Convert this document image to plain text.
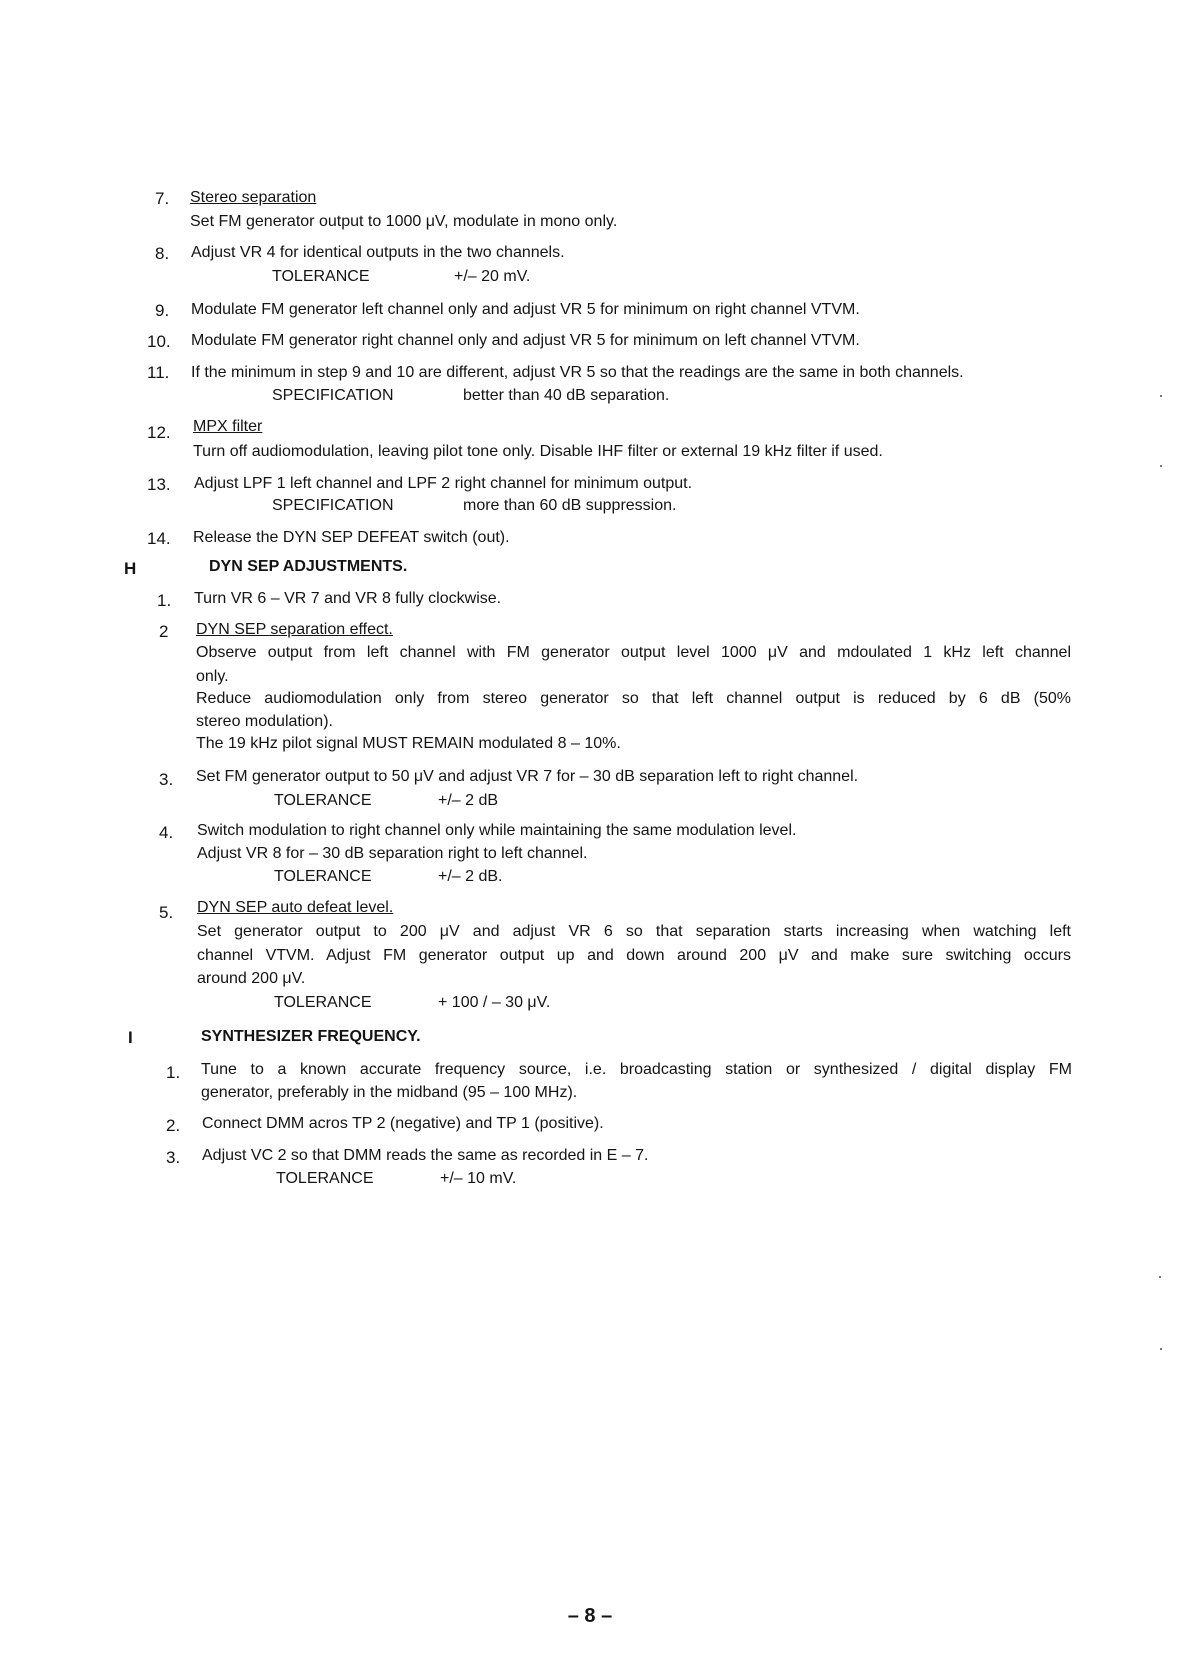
7. Stereo separation
Set FM generator output to 1000 μV, modulate in mono only.
8. Adjust VR 4 for identical outputs in the two channels.
TOLERANCE	+/– 20 mV.
9. Modulate FM generator left channel only and adjust VR 5 for minimum on right channel VTVM.
10. Modulate FM generator right channel only and adjust VR 5 for minimum on left channel VTVM.
11. If the minimum in step 9 and 10 are different, adjust VR 5 so that the readings are the same in both channels.
SPECIFICATION	better than 40 dB separation.
12. MPX filter
Turn off audiomodulation, leaving pilot tone only. Disable IHF filter or external 19 kHz filter if used.
13. Adjust LPF 1 left channel and LPF 2 right channel for minimum output.
SPECIFICATION	more than 60 dB suppression.
14. Release the DYN SEP DEFEAT switch (out).
H	DYN SEP ADJUSTMENTS.
1. Turn VR 6 – VR 7 and VR 8 fully clockwise.
2 DYN SEP separation effect.
Observe output from left channel with FM generator output level 1000 μV and mdoulated 1 kHz left channel
only.
Reduce audiomodulation only from stereo generator so that left channel output is reduced by 6 dB (50%
stereo modulation).
The 19 kHz pilot signal MUST REMAIN modulated 8 – 10%.
3. Set FM generator output to 50 μV and adjust VR 7 for – 30 dB separation left to right channel.
TOLERANCE	+/– 2 dB
4. Switch modulation to right channel only while maintaining the same modulation level.
Adjust VR 8 for – 30 dB separation right to left channel.
TOLERANCE	+/– 2 dB.
5. DYN SEP auto defeat level.
Set generator output to 200 μV and adjust VR 6 so that separation starts increasing when watching left
channel VTVM. Adjust FM generator output up and down around 200 μV and make sure switching occurs
around 200 μV.
TOLERANCE	+ 100 / – 30 μV.
I	SYNTHESIZER FREQUENCY.
1. Tune to a known accurate frequency source, i.e. broadcasting station or synthesized / digital display FM
generator, preferably in the midband (95 – 100 MHz).
2. Connect DMM acros TP 2 (negative) and TP 1 (positive).
3. Adjust VC 2 so that DMM reads the same as recorded in E – 7.
TOLERANCE	+/– 10 mV.
– 8 –
